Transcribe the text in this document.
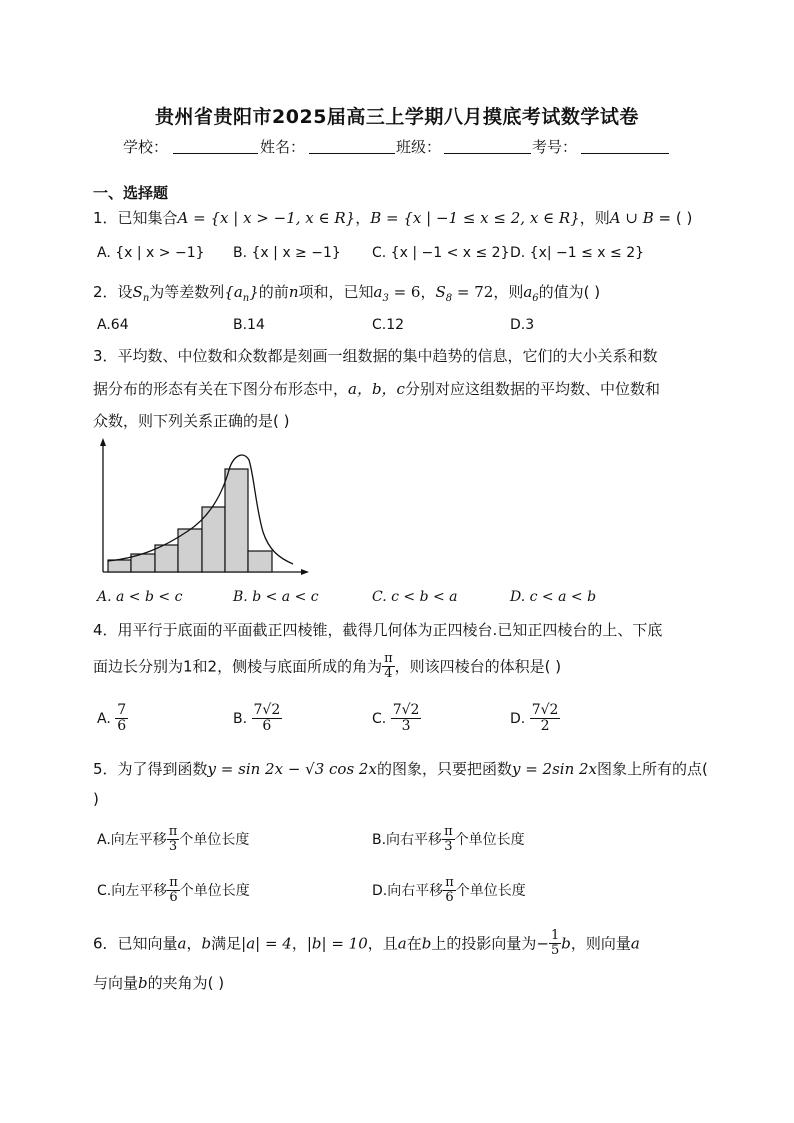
贵州省贵阳市2025届高三上学期八月摸底考试数学试卷
学校：	姓名：	班级：	考号：
一、选择题
1．已知集合A = {x | x > −1, x ∈ R}，B = {x | −1 ≤ x ≤ 2, x ∈ R}，则A ∪ B = ( )
A. {x | x > −1} B. {x | x ≥ −1} C. {x | −1 < x ≤ 2} D. {x| −1 ≤ x ≤ 2}
2．设$S_n$为等差数列$\{a_n\}$的前n项和，已知$a_3 = 6$，$S_8 = 72$，则$a_6$的值为( )
A.64	B.14	C.12	D.3
3．平均数、中位数和众数都是刻画一组数据的集中趋势的信息，它们的大小关系和数
据分布的形态有关在下图分布形态中，a，b，c分别对应这组数据的平均数、中位数和
众数，则下列关系正确的是( )
A. a < b < c	B. b < a < c	C. c < b < a	D. c < a < b
4．用平行于底面的平面截正四棱锥，截得几何体为正四棱台.已知正四棱台的上、下底
面边长分别为1和2，侧棱与底面所成的角为 $\frac{\pi}{4}$ ，则该四棱台的体积是( )
A. $\frac{7}{6}$	B. $\frac{7√2}{6}$	C. $\frac{7√2}{3}$	D. $\frac{7√2}{2}$
5．为了得到函数y = sin 2x − √3 cos 2x的图象，只要把函数y = 2sin 2x图象上所有的点(
)
A.向左平移 $\frac{\pi}{3}$ 个单位长度	B.向右平移 $\frac{\pi}{3}$ 个单位长度
C.向左平移 $\frac{\pi}{6}$ 个单位长度	D.向右平移 $\frac{\pi}{6}$ 个单位长度
6．已知向量a，b满足|a| = 4，|b| = 10，且a在b上的投影向量为− $\frac{1}{5}$ b，则向量a
与向量b的夹角为( )
